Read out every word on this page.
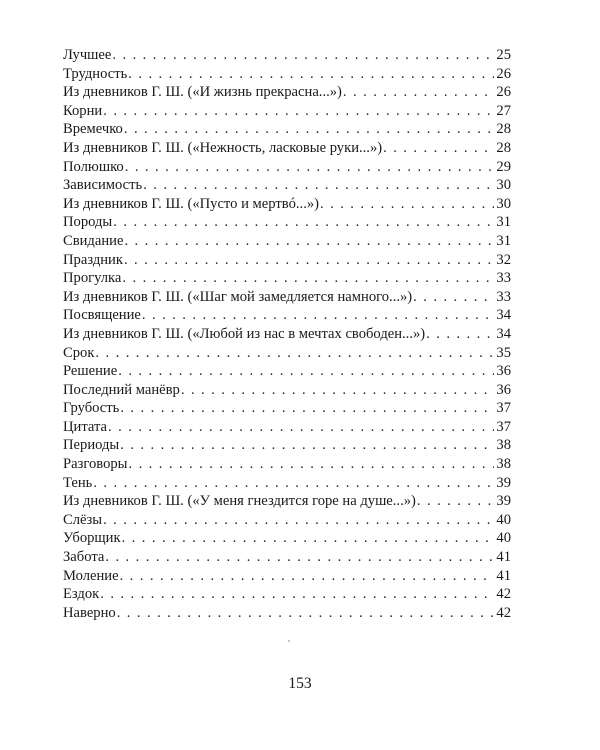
Лучшее . . .	25
Трудность . . .	26
Из дневников Г. Ш. («И жизнь прекрасна...») . . .	26
Корни . . .	27
Времечко . . .	28
Из дневников Г. Ш. («Нежность, ласковые руки...») . . .	28
Полюшко . . .	29
Зависимость . . .	30
Из дневников Г. Ш. («Пусто и мертвó...») . . .	30
Породы . . .	31
Свидание . . .	31
Праздник . . .	32
Прогулка . . .	33
Из дневников Г. Ш. («Шаг мой замедляется намного...») . . .	33
Посвящение . . .	34
Из дневников Г. Ш. («Любой из нас в мечтах свободен...») . . .	34
Срок . . .	35
Решение . . .	36
Последний манёвр . . .	36
Грубость . . .	37
Цитата . . .	37
Периоды . . .	38
Разговоры . . .	38
Тень . . .	39
Из дневников Г. Ш. («У меня гнездится горе на душе...») . . .	39
Слёзы . . .	40
Уборщик . . .	40
Забота . . .	41
Моление . . .	41
Ездок . . .	42
Наверно . . .	42
153
